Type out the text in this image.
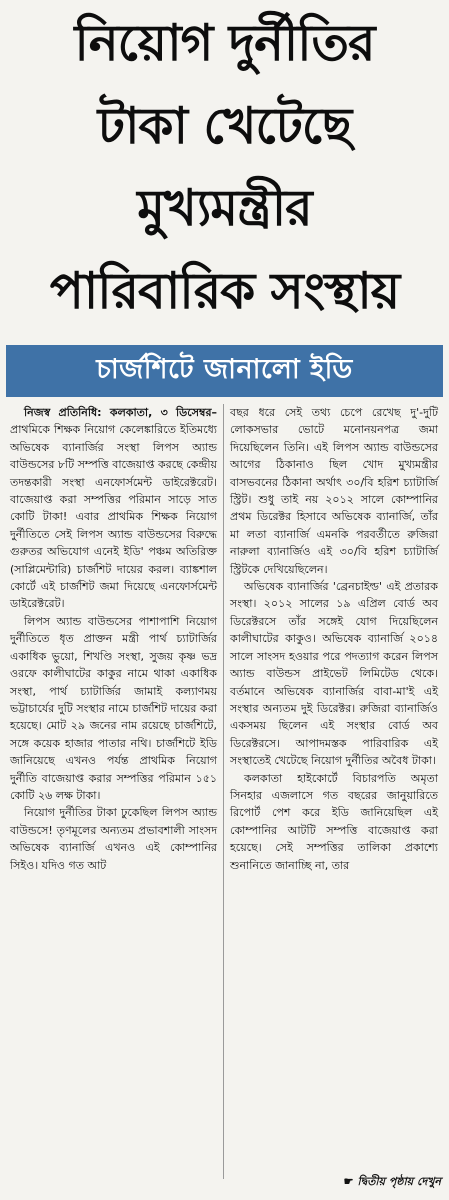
নিয়োগ দুর্নীতির
টাকা খেটেছে
মুখ্যমন্ত্রীর
পারিবারিক সংস্থায়
চার্জশিটে জানালো ইডি

নিজস্ব প্রতিনিধি: কলকাতা, ৩ ডিসেম্বর– প্রাথমিকে শিক্ষক নিয়োগ কেলেঙ্কারিতে ইতিমধ্যে অভিষেক ব্যানার্জির সংস্থা লিপস অ্যান্ড বাউন্ডসের ৮টি সম্পত্তি বাজেয়াপ্ত করছে কেন্দ্রীয় তদন্তকারী সংস্থা এনফোর্সমেন্ট ডাইরেক্টরেট। বাজেয়াপ্ত করা সম্পত্তির পরিমান সাড়ে সাত কোটি টাকা! এবার প্রাথমিক শিক্ষক নিয়োগ দুর্নীতিতে সেই লিপস অ্যান্ড বাউন্ডসের বিরুদ্ধে গুরুতর অভিযোগ এনেই ইডি' পঞ্চম অতিরিক্ত (সাপ্লিমেন্টারি) চার্জশিট দায়ের করল। ব্যাঙ্কশাল কোর্টে এই চার্জশিট জমা দিয়েছে এনফোর্সমেন্ট ডাইরেক্টরেট।

লিপস অ্যান্ড বাউন্ডসের পাশাপাশি নিয়োগ দুর্নীতিতে ধৃত প্রাক্তন মন্ত্রী পার্থ চ্যাটার্জির একাধিক ভুয়ো, শিখণ্ডি সংস্থা, সুজয় কৃষ্ণ ভদ্র ওরফে কালীঘাটের কাকুর নামে থাকা একাধিক সংস্থা, পার্থ চ্যাটার্জির জামাই কল্যাণময় ভট্টাচার্যের দুটি সংস্থার নামে চার্জশিট দায়ের করা হয়েছে। মোট ২৯ জনের নাম রয়েছে চার্জশিটে, সঙ্গে কয়েক হাজার পাতার নথি। চার্জশিটে ইডি জানিয়েছে এখনও পর্যন্ত প্রাথমিক নিয়োগ দুর্নীতি বাজেয়াপ্ত করার সম্পত্তির পরিমান ১৫১ কোটি ২৬ লক্ষ টাকা।

নিয়োগ দুর্নীতির টাকা ঢুকেছিল লিপস অ্যান্ড বাউন্ডসে! তৃণমূলের অন্যতম প্রভাবশালী সাংসদ অভিষেক ব্যানার্জি এখনও এই কোম্পানির সিইও। যদিও গত আট

বছর ধরে সেই তথ্য চেপে রেখেছ দু'-দুটি লোকসভার ভোটে মনোনয়নপত্র জমা দিয়েছিলেন তিনি। এই লিপস অ্যান্ড বাউন্ডসের আগের ঠিকানাও ছিল খোদ মুখ্যমন্ত্রীর বাসভবনের ঠিকানা অর্থাৎ ৩০/বি হরিশ চ্যাটার্জি স্ট্রিট। শুধু তাই নয় ২০১২ সালে কোম্পানির প্রথম ডিরেক্টর হিসাবে অভিষেক ব্যানার্জি, তাঁর মা লতা ব্যানার্জি এমনকি পরবর্তীতে রুজিরা নারুলা ব্যানার্জিও এই ৩০/বি হরিশ চ্যাটার্জি স্ট্রিটকে দেখিয়েছিলেন।

অভিষেক ব্যানার্জির 'ব্রেনচাইল্ড' এই প্রতারক সংস্থা। ২০১২ সালের ১৯ এপ্রিল বোর্ড অব ডিরেক্টরসে তাঁর সঙ্গেই যোগ দিয়েছিলেন কালীঘাটের কাকুও। অভিষেক ব্যানার্জি ২০১৪ সালে সাংসদ হওয়ার পরে পদত্যাগ করেন লিপস অ্যান্ড বাউন্ডস প্রাইভেট লিমিটেড থেকে। বর্তমানে অভিষেক ব্যানার্জির বাবা-মা'ই এই সংস্থার অন্যতম দুই ডিরেক্টর। রুজিরা ব্যানার্জিও একসময় ছিলেন এই সংস্থার বোর্ড অব ডিরেক্টরসে। আপাদমস্তক পারিবারিক এই সংস্থাতেই খেটেছে নিয়োগ দুর্নীতির অবৈধ টাকা।

কলকাতা হাইকোর্টে বিচারপতি অমৃতা সিনহার এজলাসে গত বছরের জানুয়ারিতে রিপোর্ট পেশ করে ইডি জানিয়েছিল এই কোম্পানির আটটি সম্পত্তি বাজেয়াপ্ত করা হয়েছে। সেই সম্পত্তির তালিকা প্রকাশ্যে শুনানিতে জানাচ্ছি না, তার

☛ দ্বিতীয় পৃষ্ঠায় দেখুন
